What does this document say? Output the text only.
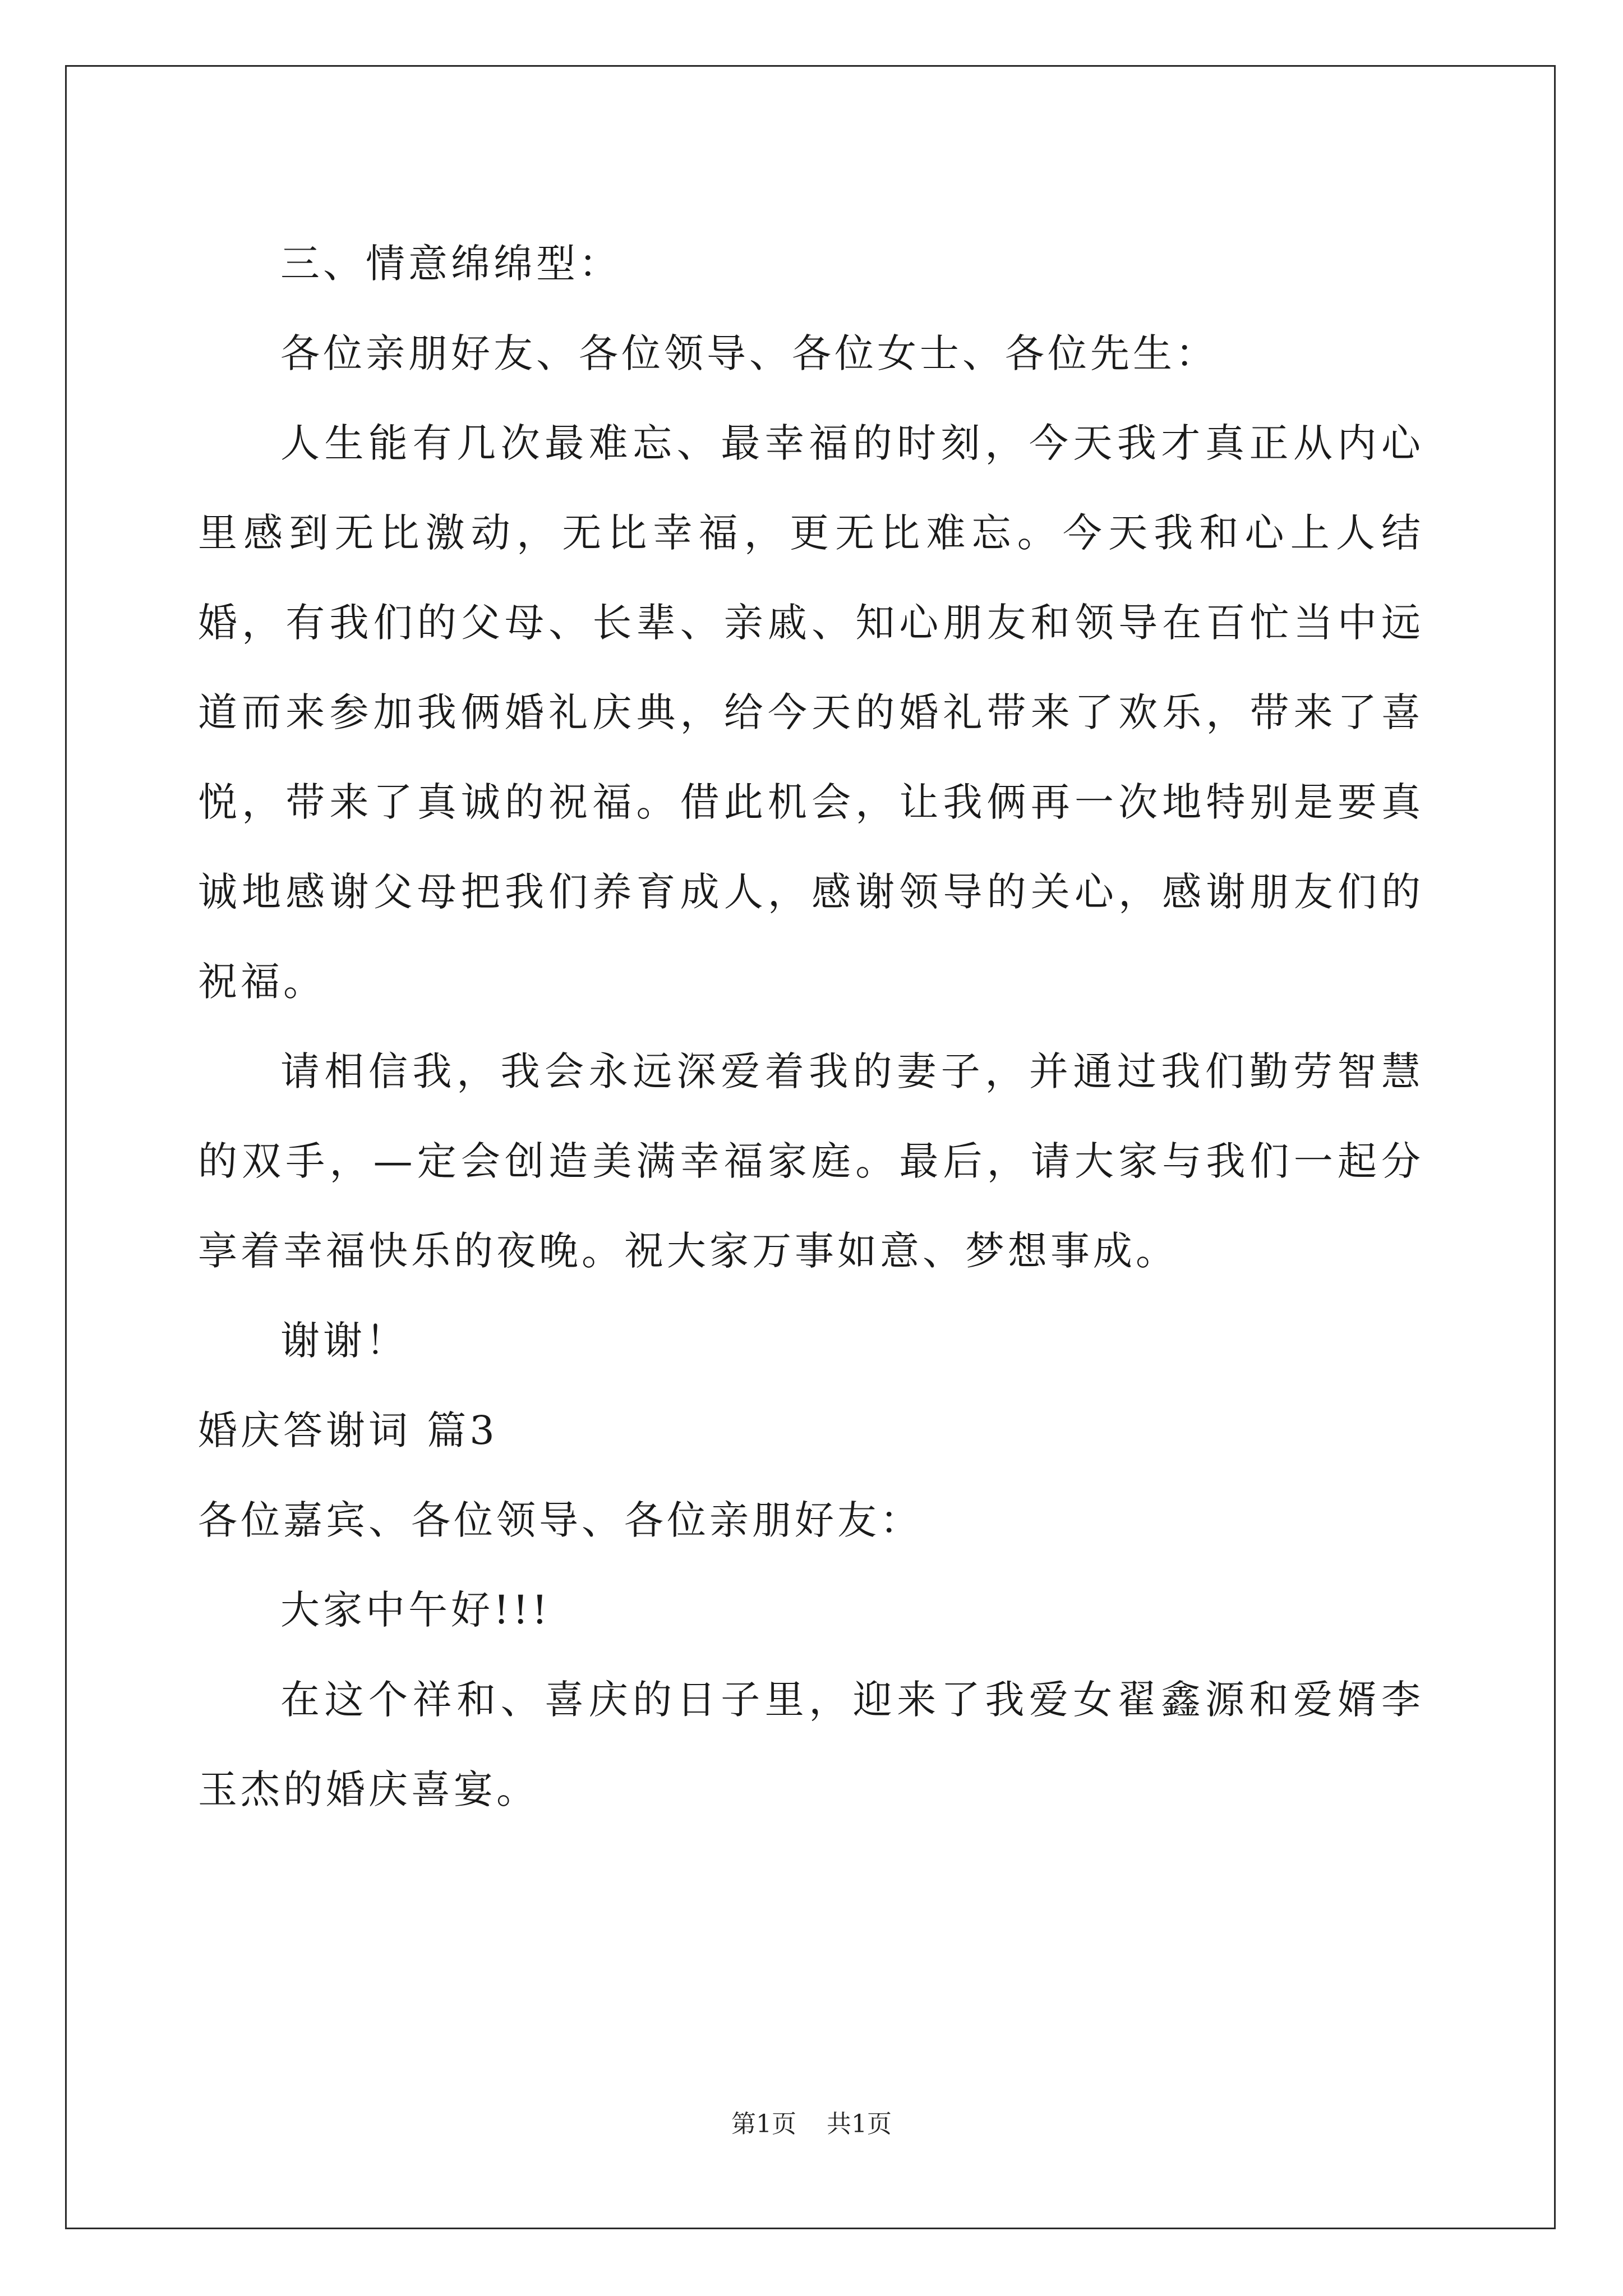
三、情意绵绵型：

各位亲朋好友、各位领导、各位女士、各位先生：

人生能有几次最难忘、最幸福的时刻，今天我才真正从内心里感到无比激动，无比幸福，更无比难忘。今天我和心上人结婚，有我们的父母、长辈、亲戚、知心朋友和领导在百忙当中远道而来参加我俩婚礼庆典，给今天的婚礼带来了欢乐，带来了喜悦，带来了真诚的祝福。借此机会，让我俩再一次地特别是要真诚地感谢父母把我们养育成人，感谢领导的关心，感谢朋友们的祝福。

请相信我，我会永远深爱着我的妻子，并通过我们勤劳智慧的双手，—定会创造美满幸福家庭。最后，请大家与我们一起分享着幸福快乐的夜晚。祝大家万事如意、梦想事成。

谢谢！

婚庆答谢词 篇3

各位嘉宾、各位领导、各位亲朋好友：

大家中午好!!!

在这个祥和、喜庆的日子里，迎来了我爱女翟鑫源和爱婿李玉杰的婚庆喜宴。

第1页 共1页
